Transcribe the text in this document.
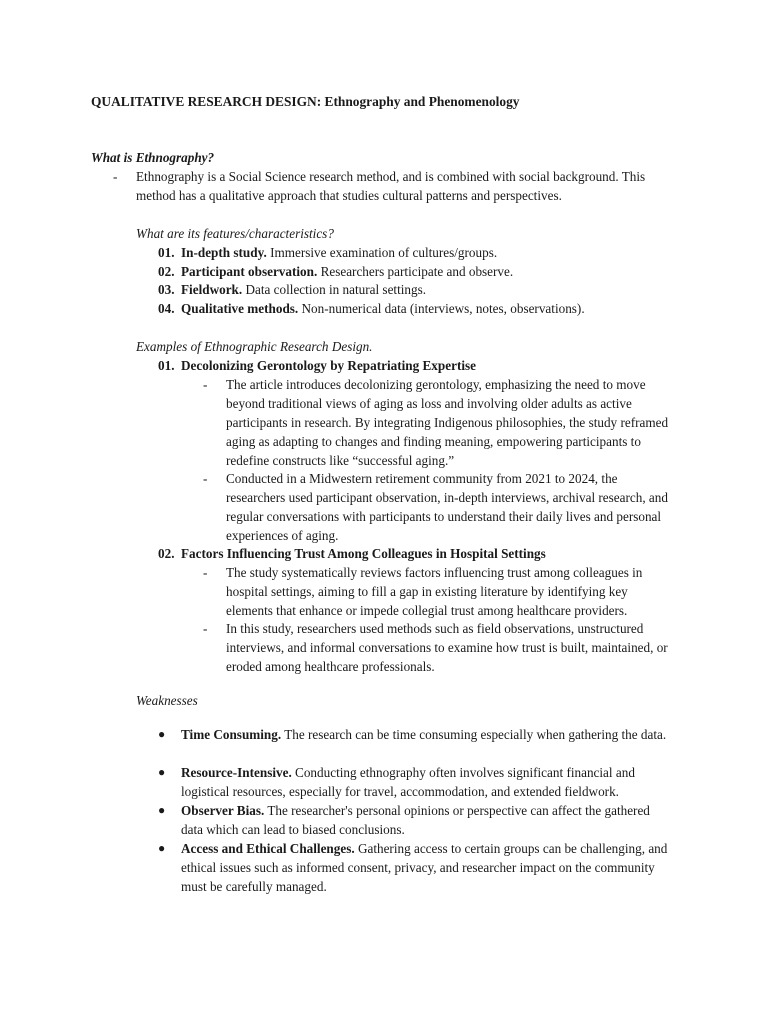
QUALITATIVE RESEARCH DESIGN: Ethnography and Phenomenology
What is Ethnography?
-	Ethnography is a Social Science research method, and is combined with social background. This method has a qualitative approach that studies cultural patterns and perspectives.
What are its features/characteristics?
01. In-depth study. Immersive examination of cultures/groups.
02. Participant observation. Researchers participate and observe.
03. Fieldwork. Data collection in natural settings.
04. Qualitative methods. Non-numerical data (interviews, notes, observations).
Examples of Ethnographic Research Design.
01. Decolonizing Gerontology by Repatriating Expertise
-	The article introduces decolonizing gerontology, emphasizing the need to move beyond traditional views of aging as loss and involving older adults as active participants in research. By integrating Indigenous philosophies, the study reframed aging as adapting to changes and finding meaning, empowering participants to redefine constructs like “successful aging.”
-	Conducted in a Midwestern retirement community from 2021 to 2024, the researchers used participant observation, in-depth interviews, archival research, and regular conversations with participants to understand their daily lives and personal experiences of aging.
02. Factors Influencing Trust Among Colleagues in Hospital Settings
-	The study systematically reviews factors influencing trust among colleagues in hospital settings, aiming to fill a gap in existing literature by identifying key elements that enhance or impede collegial trust among healthcare providers.
-	In this study, researchers used methods such as field observations, unstructured interviews, and informal conversations to examine how trust is built, maintained, or eroded among healthcare professionals.
Weaknesses
● Time Consuming. The research can be time consuming especially when gathering the data.
● Resource-Intensive. Conducting ethnography often involves significant financial and logistical resources, especially for travel, accommodation, and extended fieldwork.
● Observer Bias. The researcher's personal opinions or perspective can affect the gathered data which can lead to biased conclusions.
● Access and Ethical Challenges. Gathering access to certain groups can be challenging, and ethical issues such as informed consent, privacy, and researcher impact on the community must be carefully managed.
